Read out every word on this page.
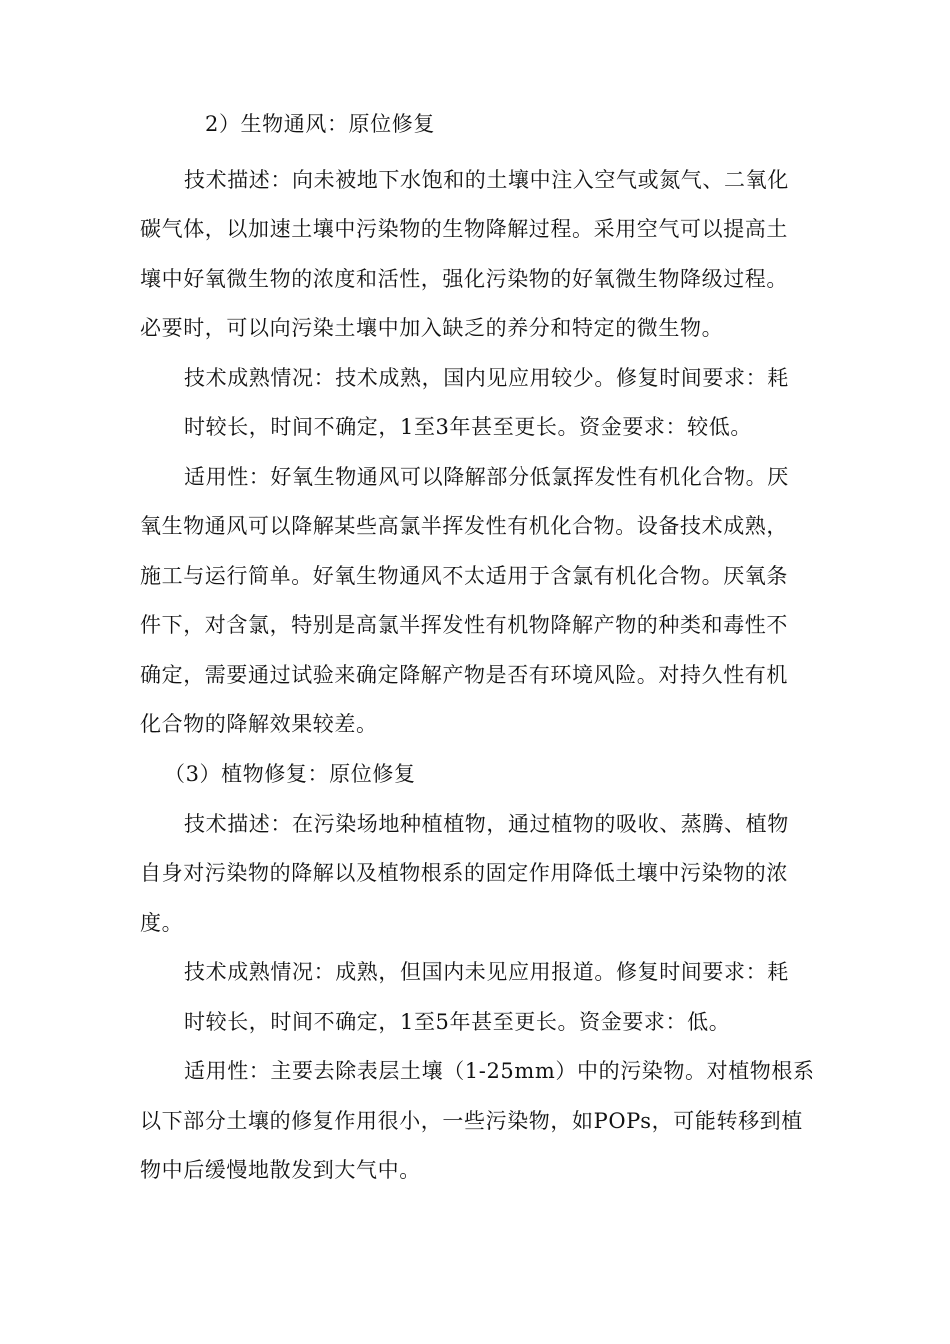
2）生物通风：原位修复
技术描述：向未被地下水饱和的土壤中注入空气或氮气、二氧化
碳气体，以加速土壤中污染物的生物降解过程。采用空气可以提高土
壤中好氧微生物的浓度和活性，强化污染物的好氧微生物降级过程。
必要时，可以向污染土壤中加入缺乏的养分和特定的微生物。
技术成熟情况：技术成熟，国内见应用较少。修复时间要求：耗
时较长，时间不确定，1至3年甚至更长。资金要求：较低。
适用性：好氧生物通风可以降解部分低氯挥发性有机化合物。厌
氧生物通风可以降解某些高氯半挥发性有机化合物。设备技术成熟，
施工与运行简单。好氧生物通风不太适用于含氯有机化合物。厌氧条
件下，对含氯，特别是高氯半挥发性有机物降解产物的种类和毒性不
确定，需要通过试验来确定降解产物是否有环境风险。对持久性有机
化合物的降解效果较差。
（3）植物修复：原位修复
技术描述：在污染场地种植植物，通过植物的吸收、蒸腾、植物
自身对污染物的降解以及植物根系的固定作用降低土壤中污染物的浓
度。
技术成熟情况：成熟，但国内未见应用报道。修复时间要求：耗
时较长，时间不确定，1至5年甚至更长。资金要求：低。
适用性：主要去除表层土壤（1-25mm）中的污染物。对植物根系
以下部分土壤的修复作用很小，一些污染物，如POPs，可能转移到植
物中后缓慢地散发到大气中。
